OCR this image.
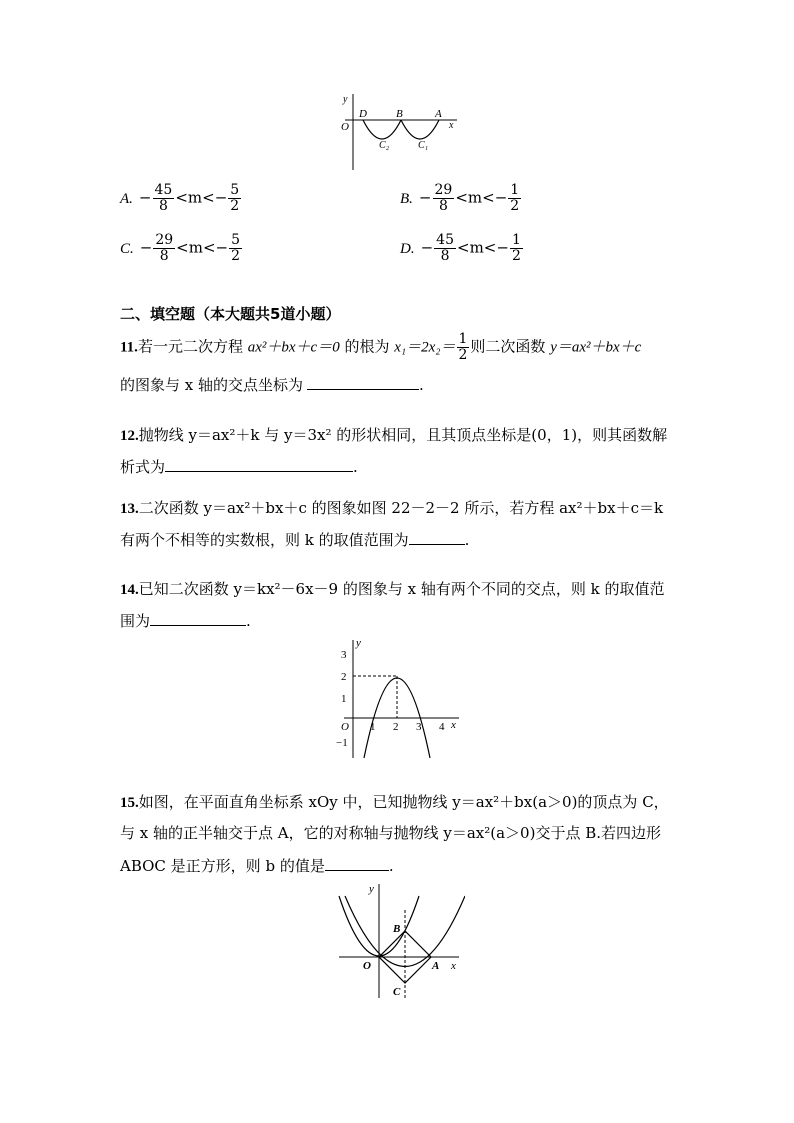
y
O
D	B	A
x
C₂	C₁
A. − $\frac{45}{8} <m<- \frac{5}{2}$	B. − $\frac{29}{8} <m<- \frac{1}{2}$
C. − $\frac{29}{8} <m<- \frac{5}{2}$	D. − $\frac{45}{8} <m<- \frac{1}{2}$
二、填空题（本大题共5道小题）
11.若一元二次方程 ax²＋bx＋c＝0 的根为 $x_1=2x_2= \frac{1}{2}$ 则二次函数 y＝ax²＋bx＋c
的图象与 x 轴的交点坐标为	.
12.抛物线 y＝ax²＋k 与 y＝3x² 的形状相同，且其顶点坐标是(0，1)，则其函数解
析式为	.
13.二次函数 y＝ax²＋bx＋c 的图象如图 22－2－2 所示，若方程 ax²＋bx＋c＝k
有两个不相等的实数根，则 k 的取值范围为	.
14.已知二次函数 y＝kx²－6x－9 的图象与 x 轴有两个不同的交点，则 k 的取值范
围为	.
y
3
2
1
−1
O 1 2 3 4 x
15.如图，在平面直角坐标系 xOy 中，已知抛物线 y＝ax²＋bx(a＞0)的顶点为 C，
与 x 轴的正半轴交于点 A，它的对称轴与抛物线 y＝ax²(a＞0)交于点 B.若四边形
ABOC 是正方形，则 b 的值是	.
y
B
O	A x
C
